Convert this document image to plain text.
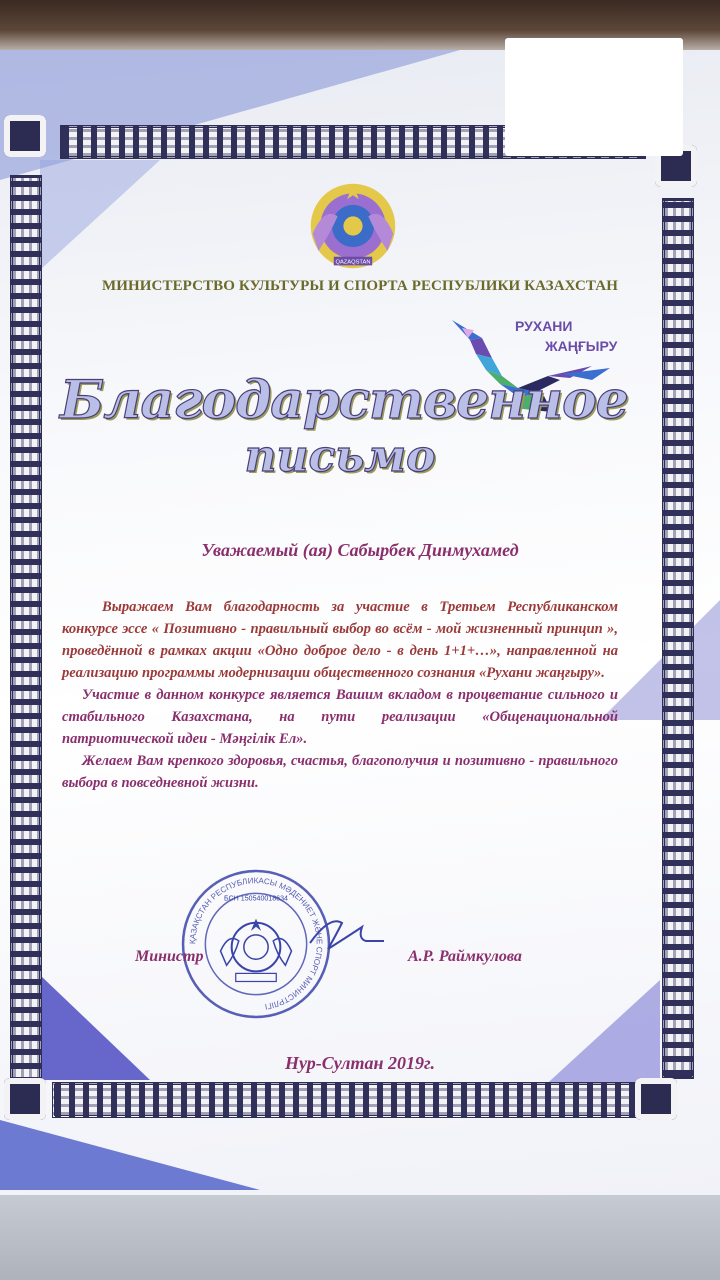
QAZAQSTAN
МИНИСТЕРСТВО КУЛЬТУРЫ И СПОРТА РЕСПУБЛИКИ КАЗАХСТАН
РУХАНИ
ЖАҢҒЫРУ
Благодарственное
письмо
Уважаемый (ая) Сабырбек Динмухамед

Выражаем Вам благодарность за участие в Третьем Республиканском конкурсе эссе « Позитивно - правильный выбор во всём - мой жизненный принцип », проведённой в рамках акции «Одно доброе дело - в день 1+1+…», направленной на реализацию программы модернизации общественного сознания «Рухани жаңғыру».

Участие в данном конкурсе является Вашим вкладом в процветание сильного и стабильного Казахстана, на пути реализации «Общенациональной патриотической идеи - Мәңгілік Ел».

Желаем Вам крепкого здоровья, счастья, благополучия и позитивно - правильного выбора в повседневной жизни.

ҚАЗАҚСТАН РЕСПУБЛИКАСЫ МӘДЕНИЕТ ЖӘНЕ СПОРТ МИНИСТРЛІГІ
БСН 150540018634
Министр	А.Р. Раймкулова
Нур-Султан 2019г.
